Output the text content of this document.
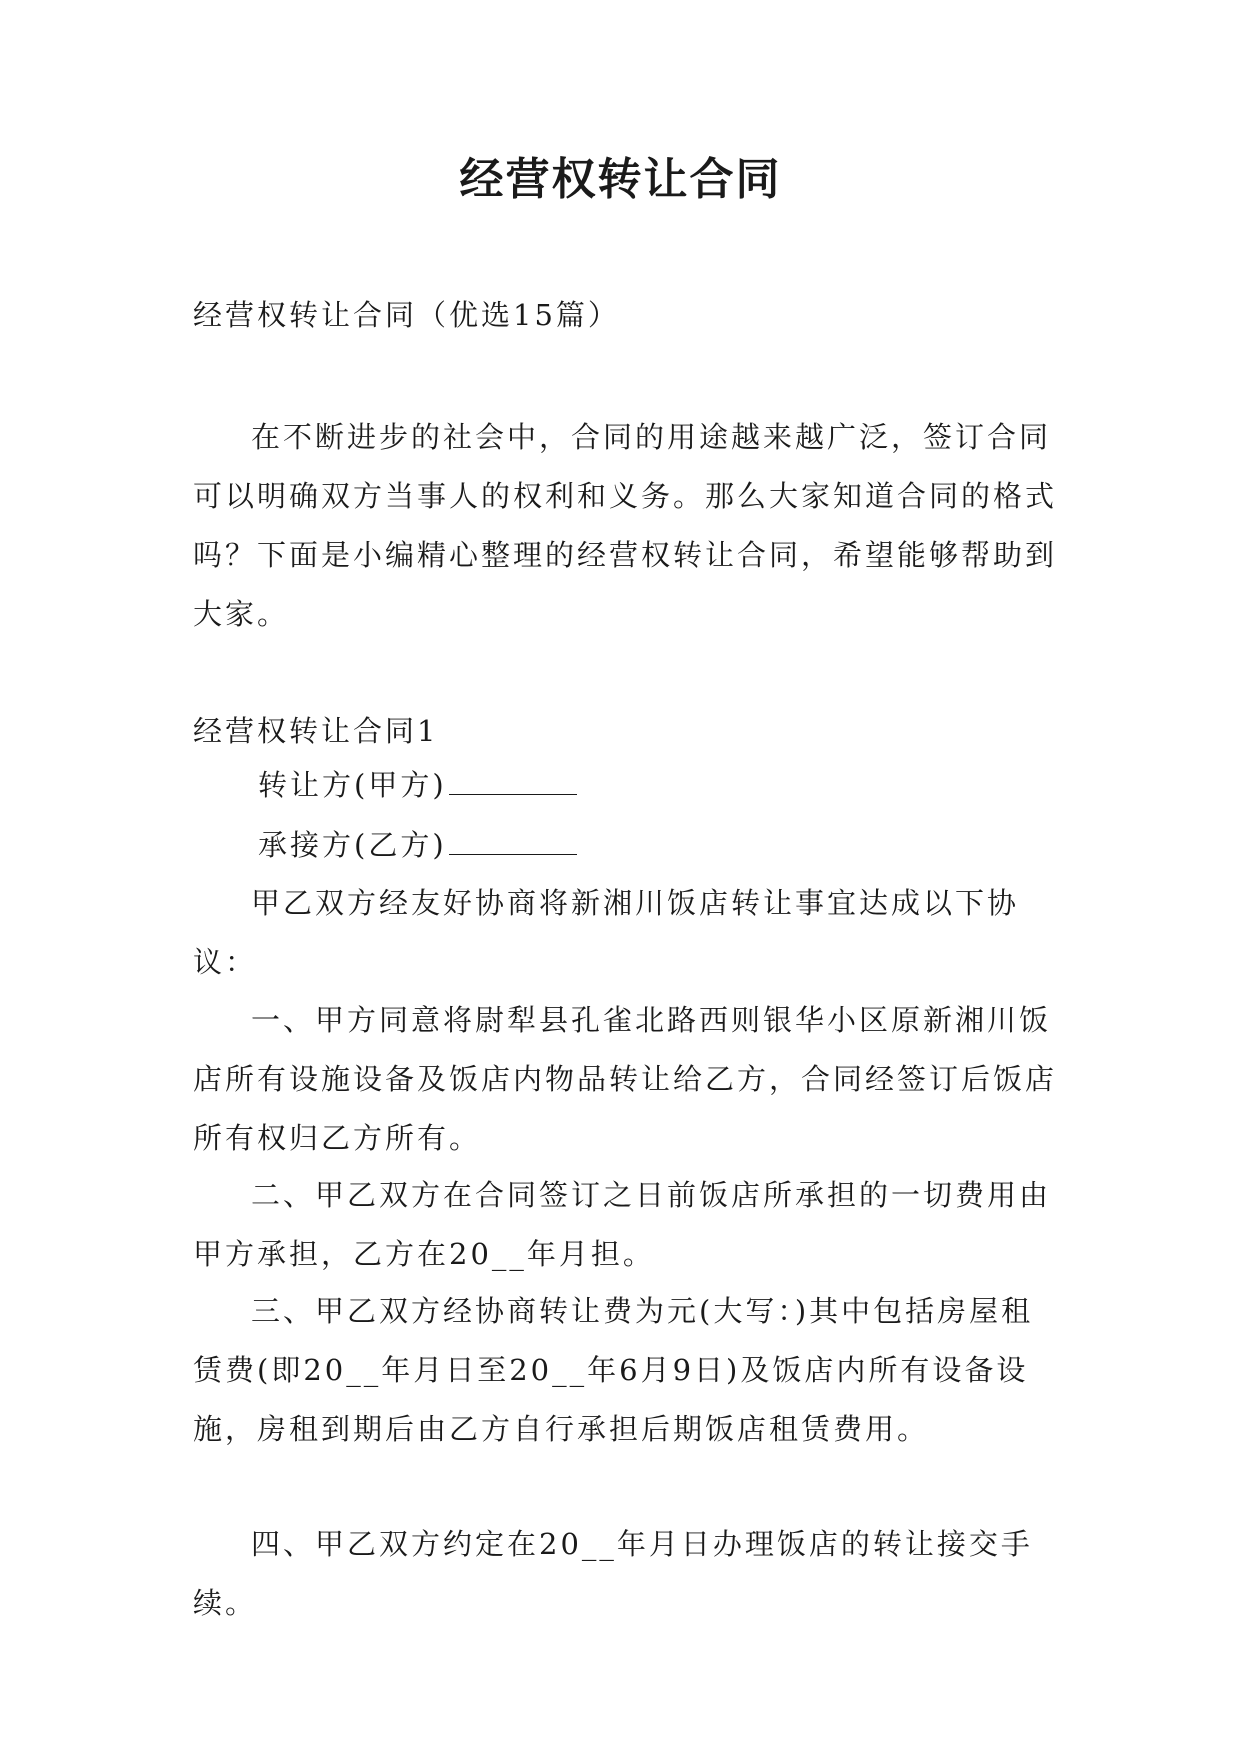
经营权转让合同
经营权转让合同（优选15篇）
在不断进步的社会中，合同的用途越来越广泛，签订合同可以明确双方当事人的权利和义务。那么大家知道合同的格式吗？下面是小编精心整理的经营权转让合同，希望能够帮助到大家。
经营权转让合同1
转让方(甲方)
承接方(乙方)
甲乙双方经友好协商将新湘川饭店转让事宜达成以下协议：
一、甲方同意将尉犁县孔雀北路西则银华小区原新湘川饭店所有设施设备及饭店内物品转让给乙方，合同经签订后饭店所有权归乙方所有。
二、甲乙双方在合同签订之日前饭店所承担的一切费用由甲方承担，乙方在20__年月担。
三、甲乙双方经协商转让费为元(大写：)其中包括房屋租赁费(即20__年月日至20__年6月9日)及饭店内所有设备设施，房租到期后由乙方自行承担后期饭店租赁费用。
四、甲乙双方约定在20__年月日办理饭店的转让接交手续。
